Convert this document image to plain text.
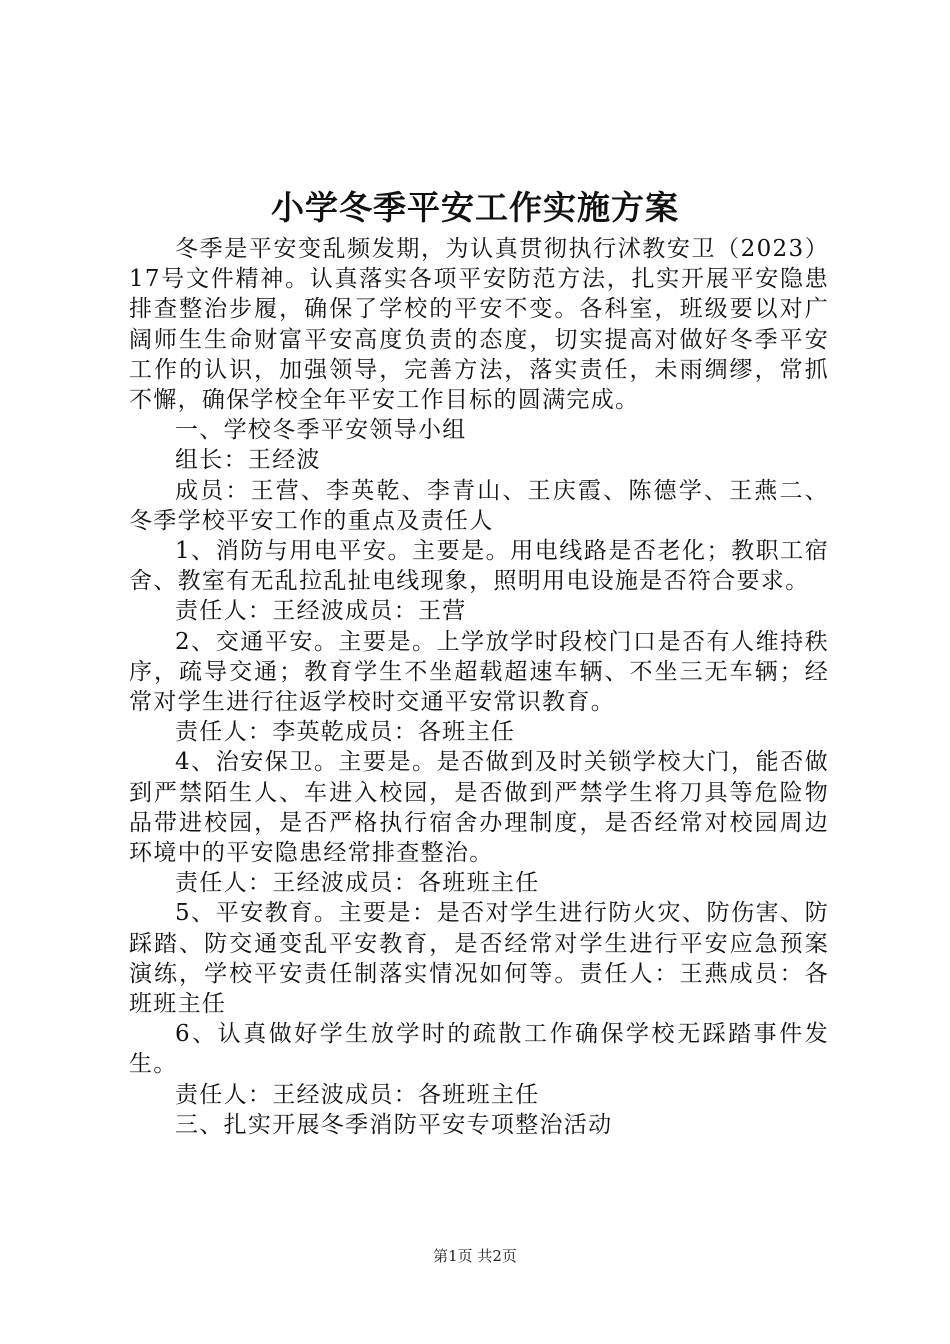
小学冬季平安工作实施方案

冬季是平安变乱频发期，为认真贯彻执行沭教安卫（2023）17号文件精神。认真落实各项平安防范方法，扎实开展平安隐患排查整治步履，确保了学校的平安不变。各科室，班级要以对广阔师生生命财富平安高度负责的态度，切实提高对做好冬季平安工作的认识，加强领导，完善方法，落实责任，未雨绸缪，常抓不懈，确保学校全年平安工作目标的圆满完成。

一、学校冬季平安领导小组

组长：王经波

成员：王营、李英乾、李青山、王庆霞、陈德学、王燕二、冬季学校平安工作的重点及责任人

1、消防与用电平安。主要是。用电线路是否老化；教职工宿舍、教室有无乱拉乱扯电线现象，照明用电设施是否符合要求。

责任人：王经波成员：王营

2、交通平安。主要是。上学放学时段校门口是否有人维持秩序，疏导交通；教育学生不坐超载超速车辆、不坐三无车辆；经常对学生进行往返学校时交通平安常识教育。

责任人：李英乾成员：各班主任

4、治安保卫。主要是。是否做到及时关锁学校大门，能否做到严禁陌生人、车进入校园，是否做到严禁学生将刀具等危险物品带进校园，是否严格执行宿舍办理制度，是否经常对校园周边环境中的平安隐患经常排查整治。

责任人：王经波成员：各班班主任

5、平安教育。主要是：是否对学生进行防火灾、防伤害、防踩踏、防交通变乱平安教育，是否经常对学生进行平安应急预案演练，学校平安责任制落实情况如何等。责任人：王燕成员：各班班主任

6、认真做好学生放学时的疏散工作确保学校无踩踏事件发生。

责任人：王经波成员：各班班主任

三、扎实开展冬季消防平安专项整治活动

第1页 共2页
